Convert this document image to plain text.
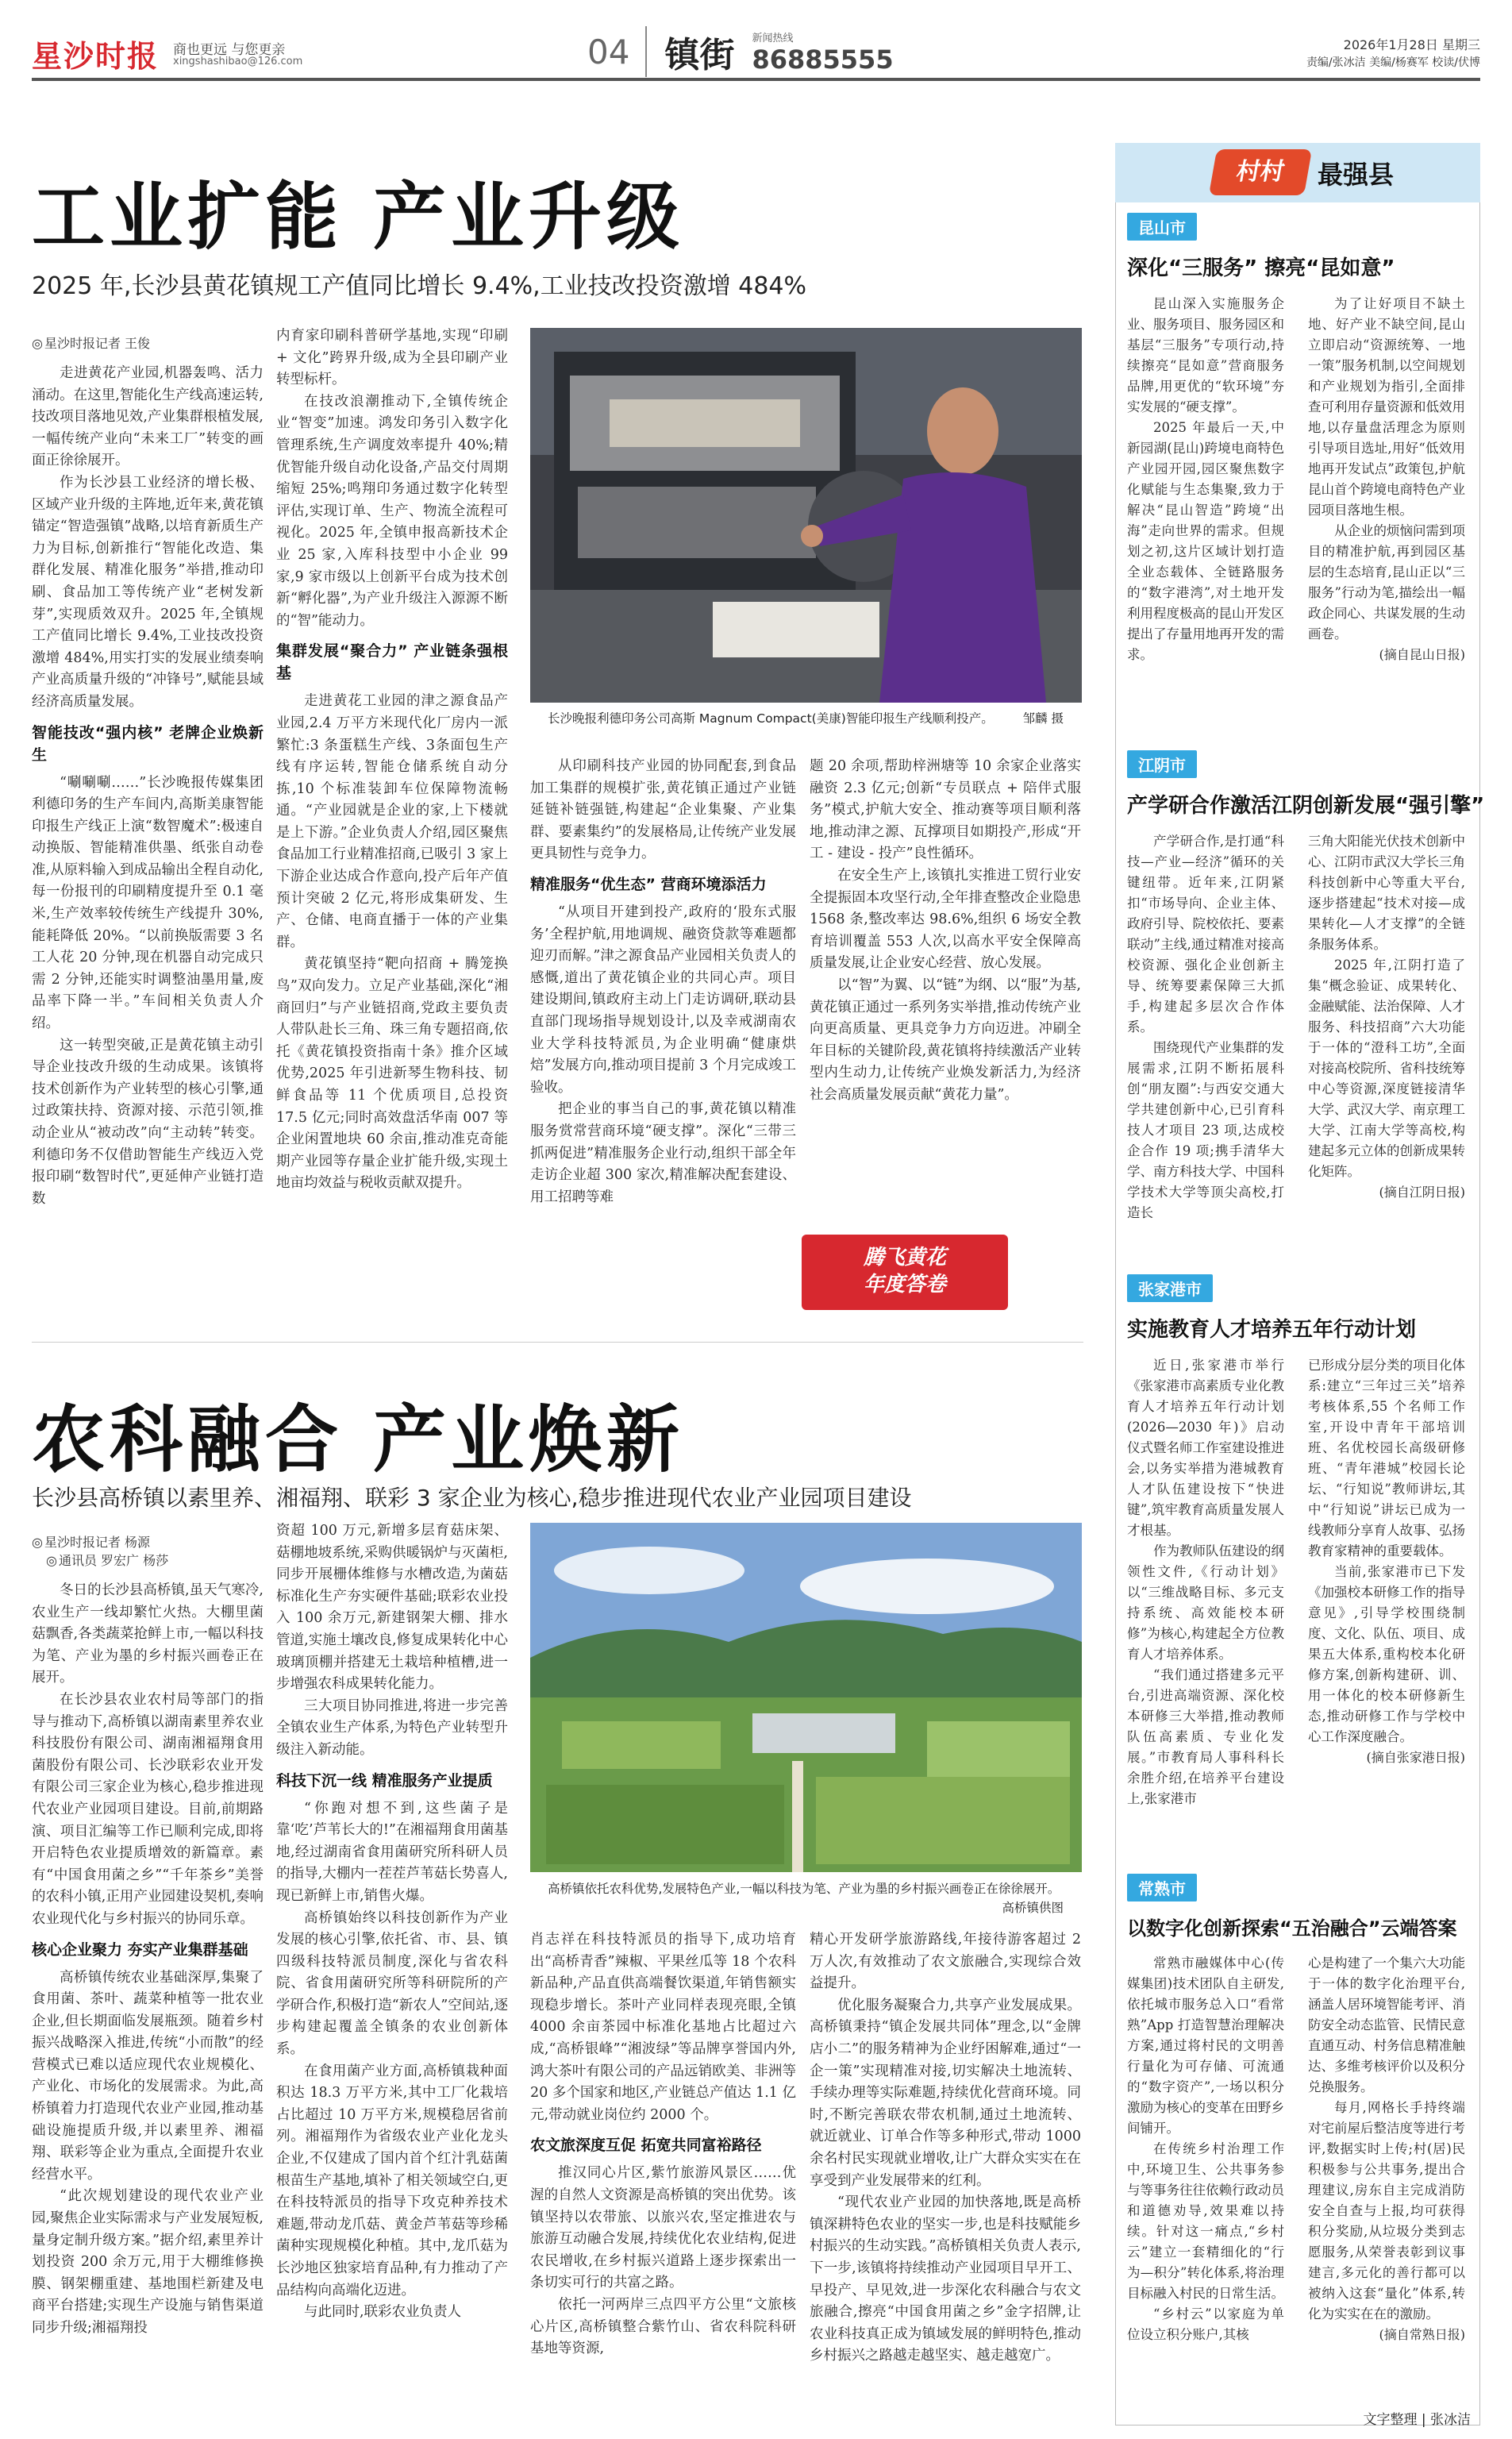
星沙时报 商也更远 与您更亲
xingshashibao@126.com	04	镇街 新闻热线
86885555	2026年1月28日 星期三
责编/张冰洁 美编/杨赛军 校读/伏博
工业扩能 产业升级
2025 年,长沙县黄花镇规工产值同比增长 9.4%,工业技改投资激增 484%
◎ 星沙时报记者 王俊

走进黄花产业园,机器轰鸣、活力涌动。在这里,智能化生产线高速运转,技改项目落地见效,产业集群根植发展,一幅传统产业向“未来工厂”转变的画面正徐徐展开。

作为长沙县工业经济的增长极、区域产业升级的主阵地,近年来,黄花镇锚定“智造强镇”战略,以培育新质生产力为目标,创新推行“智能化改造、集群化发展、精准化服务”举措,推动印刷、食品加工等传统产业“老树发新芽”,实现质效双升。2025 年,全镇规工产值同比增长 9.4%,工业技改投资激增 484%,用实打实的发展业绩奏响产业高质量升级的“冲锋号”,赋能县域经济高质量发展。

智能技改“强内核” 老牌企业焕新生

“唰唰唰……”长沙晚报传媒集团利德印务的生产车间内,高斯美康智能印报生产线正上演“数智魔术”:极速自动换版、智能精准供墨、纸张自动卷准,从原料输入到成品输出全程自动化,每一份报刊的印刷精度提升至 0.1 毫米,生产效率较传统生产线提升 30%,能耗降低 20%。“以前换版需要 3 名工人花 20 分钟,现在机器自动完成只需 2 分钟,还能实时调整油墨用量,废品率下降一半。”车间相关负责人介绍。

这一转型突破,正是黄花镇主动引导企业技改升级的生动成果。该镇将技术创新作为产业转型的核心引擎,通过政策扶持、资源对接、示范引领,推动企业从“被动改”向“主动转”转变。利德印务不仅借助智能生产线迈入党报印刷“数智时代”,更延伸产业链打造数

内育家印刷科普研学基地,实现“印刷 + 文化”跨界升级,成为全县印刷产业转型标杆。

在技改浪潮推动下,全镇传统企业“智变”加速。鸿发印务引入数字化管理系统,生产调度效率提升 40%;精优智能升级自动化设备,产品交付周期缩短 25%;鸣翔印务通过数字化转型评估,实现订单、生产、物流全流程可视化。2025 年,全镇申报高新技术企业 25 家,入库科技型中小企业 99 家,9 家市级以上创新平台成为技术创新“孵化器”,为产业升级注入源源不断的“智”能动力。

集群发展“聚合力” 产业链条强根基

走进黄花工业园的津之源食品产业园,2.4 万平方米现代化厂房内一派繁忙:3 条蛋糕生产线、3条面包生产线有序运转,智能仓储系统自动分拣,10 个标准装卸车位保障物流畅通。“产业园就是企业的家,上下楼就是上下游。”企业负责人介绍,园区聚焦食品加工行业精准招商,已吸引 3 家上下游企业达成合作意向,投产后年产值预计突破 2 亿元,将形成集研发、生产、仓储、电商直播于一体的产业集群。

黄花镇坚持“靶向招商 + 腾笼换鸟”双向发力。立足产业基础,深化“湘商回归”与产业链招商,党政主要负责人带队赴长三角、珠三角专题招商,依托《黄花镇投资指南十条》推介区域优势,2025 年引进新琴生物科技、韧鲜食品等 11 个优质项目,总投资 17.5 亿元;同时高效盘活华南 007 等企业闲置地块 60 余亩,推动准克奇能期产业园等存量企业扩能升级,实现土地亩均效益与税收贡献双提升。

长沙晚报利德印务公司高斯 Magnum Compact(美康)智能印报生产线顺利投产。 邹麟 摄

从印刷科技产业园的协同配套,到食品加工集群的规模扩张,黄花镇正通过产业链延链补链强链,构建起“企业集聚、产业集群、要素集约”的发展格局,让传统产业发展更具韧性与竞争力。

精准服务“优生态” 营商环境添活力

“从项目开建到投产,政府的‘股东式服务’全程护航,用地调规、融资贷款等难题都迎刃而解。”津之源食品产业园相关负责人的感慨,道出了黄花镇企业的共同心声。项目建设期间,镇政府主动上门走访调研,联动县直部门现场指导规划设计,以及幸戒湖南农业大学科技特派员,为企业明确“健康烘焙”发展方向,推动项目提前 3 个月完成竣工验收。

把企业的事当自己的事,黄花镇以精准服务赏常营商环境“硬支撑”。深化“三带三抓两促进”精准服务企业行动,组织干部全年走访企业超 300 家次,精准解决配套建设、用工招聘等难

题 20 余项,帮助梓洲塘等 10 余家企业落实融资 2.3 亿元;创新“专员联点 + 陪伴式服务”模式,护航大安全、推动赛等项目顺利落地,推动津之源、瓦撑项目如期投产,形成“开工 - 建设 - 投产”良性循环。

在安全生产上,该镇扎实推进工贸行业安全提振固本攻坚行动,全年排查整改企业隐患 1568 条,整改率达 98.6%,组织 6 场安全教育培训覆盖 553 人次,以高水平安全保障高质量发展,让企业安心经营、放心发展。

以“智”为翼、以“链”为纲、以“服”为基,黄花镇正通过一系列务实举措,推动传统产业向更高质量、更具竞争力方向迈进。冲刷全年目标的关键阶段,黄花镇将持续激活产业转型内生动力,让传统产业焕发新活力,为经济社会高质量发展贡献“黄花力量”。

腾飞黄花
年度答卷
农科融合 产业焕新
长沙县高桥镇以素里养、湘福翔、联彩 3 家企业为核心,稳步推进现代农业产业园项目建设
◎ 星沙时报记者 杨源
◎ 通讯员 罗宏广 杨莎

冬日的长沙县高桥镇,虽天气寒冷,农业生产一线却繁忙火热。大棚里菌菇飘香,各类蔬菜抢鲜上市,一幅以科技为笔、产业为墨的乡村振兴画卷正在展开。

在长沙县农业农村局等部门的指导与推动下,高桥镇以湖南素里养农业科技股份有限公司、湖南湘福翔食用菌股份有限公司、长沙联彩农业开发有限公司三家企业为核心,稳步推进现代农业产业园项目建设。目前,前期路演、项目汇编等工作已顺利完成,即将开启特色农业提质增效的新篇章。素有“中国食用菌之乡”“千年茶乡”美誉的农科小镇,正用产业园建设契机,奏响农业现代化与乡村振兴的协同乐章。

核心企业聚力 夯实产业集群基础

高桥镇传统农业基础深厚,集聚了食用菌、茶叶、蔬菜种植等一批农业企业,但长期面临发展瓶颈。随着乡村振兴战略深入推进,传统“小而散”的经营模式已难以适应现代农业规模化、产业化、市场化的发展需求。为此,高桥镇着力打造现代农业产业园,推动基础设施提质升级,并以素里养、湘福翔、联彩等企业为重点,全面提升农业经营水平。

“此次规划建设的现代农业产业园,聚焦企业实际需求与产业发展短板,量身定制升级方案。”据介绍,素里养计划投资 200 余万元,用于大棚维修换膜、钢架棚重建、基地围栏新建及电商平台搭建;实现生产设施与销售渠道同步升级;湘福翔投

资超 100 万元,新增多层育菇床架、菇棚地坡系统,采购供暖锅炉与灭菌柜,同步开展栅体维修与水槽改造,为菌菇标准化生产夯实硬件基础;联彩农业投入 100 余万元,新建钢架大棚、排水管道,实施土壤改良,修复成果转化中心玻璃顶棚并搭建无土栽培种植槽,进一步增强农科成果转化能力。

三大项目协同推进,将进一步完善全镇农业生产体系,为特色产业转型升级注入新动能。

科技下沉一线 精准服务产业提质

“你跑对想不到,这些菌子是靠‘吃’芦苇长大的!”在湘福翔食用菌基地,经过湖南省食用菌研究所科研人员的指导,大棚内一茬茬芦苇菇长势喜人,现已新鲜上市,销售火爆。

高桥镇始终以科技创新作为产业发展的核心引擎,依托省、市、县、镇四级科技特派员制度,深化与省农科院、省食用菌研究所等科研院所的产学研合作,积极打造“新农人”空间站,逐步构建起覆盖全镇条的农业创新体系。

在食用菌产业方面,高桥镇栽种面积达 18.3 万平方米,其中工厂化栽培占比超过 10 万平方米,规模稳居省前列。湘福翔作为省级农业产业化龙头企业,不仅建成了国内首个红汁乳菇菌根苗生产基地,填补了相关领域空白,更在科技特派员的指导下攻克种养技术难题,带动龙爪菇、黄金芦苇菇等珍稀菌种实现规模化种植。其中,龙爪菇为长沙地区独家培育品种,有力推动了产品结构向高端化迈进。

与此同时,联彩农业负责人

高桥镇依托农科优势,发展特色产业,一幅以科技为笔、产业为墨的乡村振兴画卷正在徐徐展开。
高桥镇供图

肖志祥在科技特派员的指导下,成功培育出“高桥青香”辣椒、平果丝瓜等 18 个农科新品种,产品直供高端餐饮渠道,年销售额实现稳步增长。茶叶产业同样表现亮眼,全镇 4000 余亩茶园中标准化基地占比超过六成,“高桥银峰”“湘波绿”等品牌享誉国内外,鸿大茶叶有限公司的产品远销欧美、非洲等 20 多个国家和地区,产业链总产值达 1.1 亿元,带动就业岗位约 2000 个。

农文旅深度互促 拓宽共同富裕路径

推汉同心片区,紫竹旅游风景区……优渥的自然人文资源是高桥镇的突出优势。该镇坚持以农带旅、以旅兴农,坚定推进农与旅游互动融合发展,持续优化农业结构,促进农民增收,在乡村振兴道路上逐步探索出一条切实可行的共富之路。

依托一河两岸三点四平方公里“文旅核心片区,高桥镇整合紫竹山、省农科院科研基地等资源,

精心开发研学旅游路线,年接待游客超过 2 万人次,有效推动了农文旅融合,实现综合效益提升。

优化服务凝聚合力,共享产业发展成果。高桥镇秉持“镇企发展共同体”理念,以“金牌店小二”的服务精神为企业纾困解难,通过“一企一策”实现精准对接,切实解决土地流转、手续办理等实际难题,持续优化营商环境。同时,不断完善联农带农机制,通过土地流转、就近就业、订单合作等多种形式,带动 1000 余名村民实现就业增收,让广大群众实实在在享受到产业发展带来的红利。

“现代农业产业园的加快落地,既是高桥镇深耕特色农业的坚实一步,也是科技赋能乡村振兴的生动实践。”高桥镇相关负责人表示,下一步,该镇将持续推动产业园项目早开工、早投产、早见效,进一步深化农科融合与农文旅融合,擦亮“中国食用菌之乡”金字招牌,让农业科技真正成为镇域发展的鲜明特色,推动乡村振兴之路越走越坚实、越走越宽广。

村村	最强县
昆山市
深化“三服务” 擦亮“昆如意”

昆山深入实施服务企业、服务项目、服务园区和基层“三服务”专项行动,持续擦亮“昆如意”营商服务品牌,用更优的“软环境”夯实发展的“硬支撑”。

2025 年最后一天,中新园湖(昆山)跨境电商特色产业园开园,园区聚焦数字化赋能与生态集聚,致力于解决“昆山智造”跨境“出海”走向世界的需求。但规划之初,这片区域计划打造全业态载体、全链路服务的“数字港湾”,对土地开发利用程度极高的昆山开发区提出了存量用地再开发的需求。

为了让好项目不缺土地、好产业不缺空间,昆山立即启动“资源统筹、一地一策”服务机制,以空间规划和产业规划为指引,全面排查可利用存量资源和低效用地,以存量盘活理念为原则引导项目选址,用好“低效用地再开发试点”政策包,护航昆山首个跨境电商特色产业园项目落地生根。

从企业的烦恼问需到项目的精准护航,再到园区基层的生态培育,昆山正以“三服务”行动为笔,描绘出一幅政企同心、共谋发展的生动画卷。

(摘自昆山日报)
江阴市
产学研合作激活江阴创新发展“强引擎”

产学研合作,是打通“科技—产业—经济”循环的关键纽带。近年来,江阴紧扣“市场导向、企业主体、政府引导、院校依托、要素联动”主线,通过精准对接高校资源、强化企业创新主导、统筹要素保障三大抓手,构建起多层次合作体系。

围绕现代产业集群的发展需求,江阴不断拓展科创“朋友圈”:与西安交通大学共建创新中心,已引育科技人才项目 23 项,达成校企合作 19 项;携手清华大学、南方科技大学、中国科学技术大学等顶尖高校,打造长

三角大阳能光伏技术创新中心、江阴市武汉大学长三角科技创新中心等重大平台,逐步搭建起“技术对接—成果转化—人才支撑”的全链条服务体系。

2025 年,江阴打造了集“概念验证、成果转化、金融赋能、法治保障、人才服务、科技招商”六大功能于一体的“澄科工坊”,全面对接高校院所、省科技统筹中心等资源,深度链接清华大学、武汉大学、南京理工大学、江南大学等高校,构建起多元立体的创新成果转化矩阵。

(摘自江阴日报)
张家港市
实施教育人才培养五年行动计划

近日,张家港市举行《张家港市高素质专业化教育人才培养五年行动计划(2026—2030 年)》启动仪式暨名师工作室建设推进会,以务实举措为港城教育人才队伍建设按下“快进键”,筑牢教育高质量发展人才根基。

作为教师队伍建设的纲领性文件,《行动计划》以“三维战略目标、多元支持系统、高效能校本研修”为核心,构建起全方位教育人才培养体系。

“我们通过搭建多元平台,引进高端资源、深化校本研修三大举措,推动教师队伍高素质、专业化发展。”市教育局人事科科长余胜介绍,在培养平台建设上,张家港市

已形成分层分类的项目化体系:建立“三年过三关”培养考核体系,55 个名师工作室,开设中青年干部培训班、名优校园长高级研修班、“青年港城”校园长论坛、“行知说”教师讲坛,其中“行知说”讲坛已成为一线教师分享育人故事、弘扬教育家精神的重要载体。

当前,张家港市已下发《加强校本研修工作的指导意见》,引导学校围绕制度、文化、队伍、项目、成果五大体系,重构校本化研修方案,创新构建研、训、用一体化的校本研修新生态,推动研修工作与学校中心工作深度融合。

(摘自张家港日报)
常熟市
以数字化创新探索“五治融合”云端答案

常熟市融媒体中心(传媒集团)技术团队自主研发,依托城市服务总入口“看常熟”App 打造智慧治理解决方案,通过将村民的文明善行量化为可存储、可流通的“数字资产”,一场以积分激励为核心的变革在田野乡间铺开。

在传统乡村治理工作中,环境卫生、公共事务参与等事务往往依赖行政动员和道德劝导,效果难以持续。针对这一痛点,“乡村云”建立一套精细化的“行为—积分”转化体系,将治理目标融入村民的日常生活。

“乡村云”以家庭为单位设立积分账户,其核

心是构建了一个集六大功能于一体的数字化治理平台,涵盖人居环境智能考评、消防安全动态监管、民情民意直通互动、村务信息精准触达、多维考核评价以及积分兑换服务。

每月,网格长手持终端对宅前屋后整洁度等进行考评,数据实时上传;村(居)民积极参与公共事务,提出合理建议,房东自主完成消防安全自查与上报,均可获得积分奖励,从垃圾分类到志愿服务,从荣誉表彰到议事建言,多元化的善行都可以被纳入这套“量化”体系,转化为实实在在的激励。

(摘自常熟日报)
文字整理 | 张冰洁
